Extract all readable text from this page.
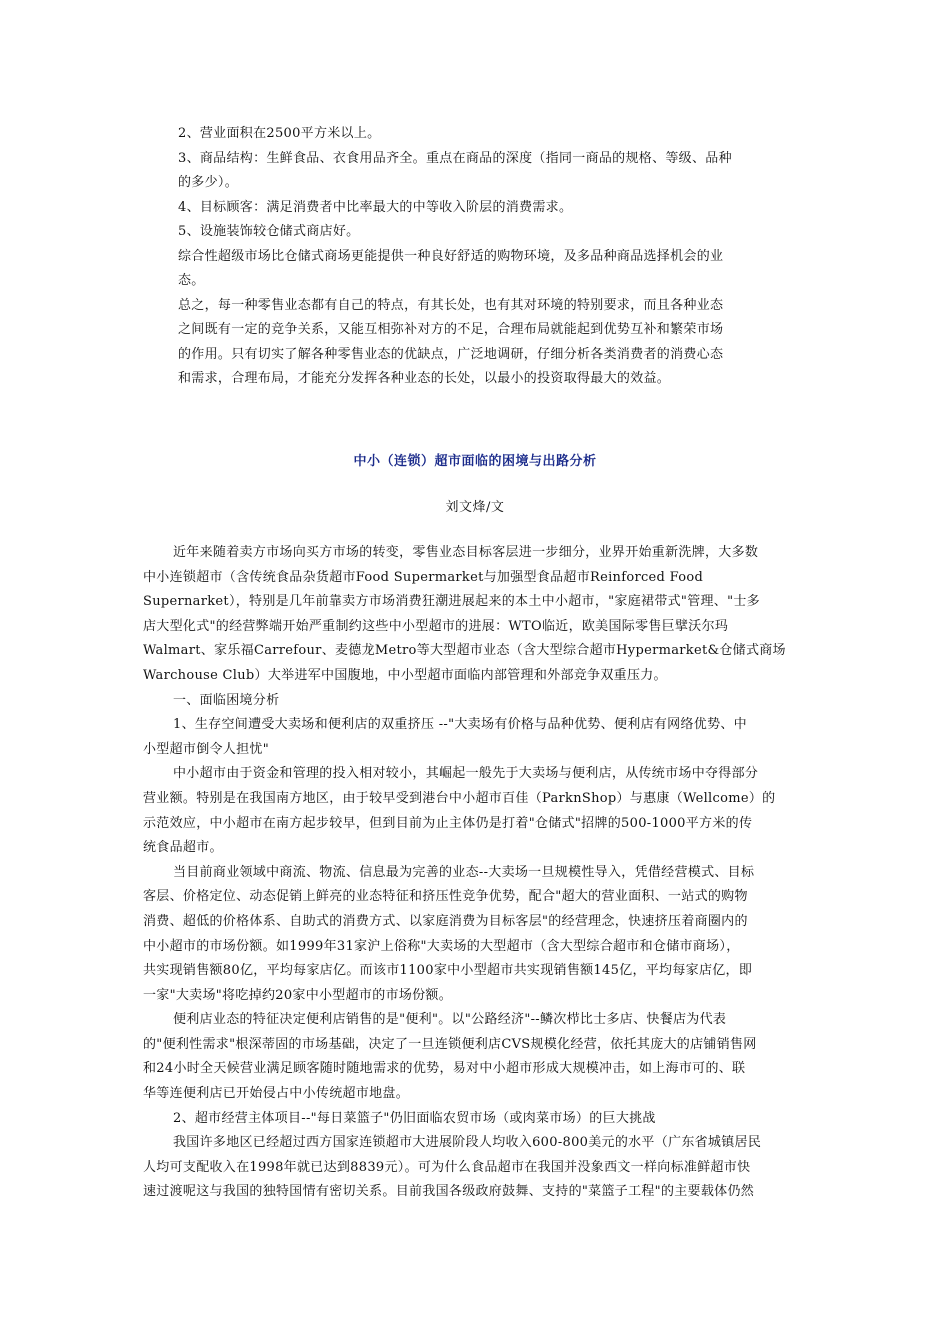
2、营业面积在2500平方米以上。

3、商品结构：生鲜食品、衣食用品齐全。重点在商品的深度（指同一商品的规格、等级、品种

的多少）。

4、目标顾客：满足消费者中比率最大的中等收入阶层的消费需求。

5、设施装饰较仓储式商店好。

综合性超级市场比仓储式商场更能提供一种良好舒适的购物环境，及多品种商品选择机会的业

态。

总之，每一种零售业态都有自己的特点，有其长处，也有其对环境的特别要求，而且各种业态

之间既有一定的竞争关系，又能互相弥补对方的不足，合理布局就能起到优势互补和繁荣市场

的作用。只有切实了解各种零售业态的优缺点，广泛地调研，仔细分析各类消费者的消费心态

和需求，合理布局，才能充分发挥各种业态的长处，以最小的投资取得最大的效益。

中小（连锁）超市面临的困境与出路分析
刘文烽/文

近年来随着卖方市场向买方市场的转变，零售业态目标客层进一步细分，业界开始重新洗牌，大多数

中小连锁超市（含传统食品杂货超市Food Supermarket与加强型食品超市Reinforced Food

Supernarket），特别是几年前靠卖方市场消费狂潮进展起来的本土中小超市，"家庭裙带式"管理、"士多

店大型化式"的经营弊端开始严重制约这些中小型超市的进展：WTO临近，欧美国际零售巨擘沃尔玛

Walmart、家乐福Carrefour、麦德龙Metro等大型超市业态（含大型综合超市Hypermarket&仓储式商场

Warchouse Club）大举进军中国腹地，中小型超市面临内部管理和外部竞争双重压力。

一、面临困境分析

1、生存空间遭受大卖场和便利店的双重挤压 --"大卖场有价格与品种优势、便利店有网络优势、中

小型超市倒令人担忧"

中小超市由于资金和管理的投入相对较小，其崛起一般先于大卖场与便利店，从传统市场中夺得部分

营业额。特别是在我国南方地区，由于较早受到港台中小超市百佳（ParknShop）与惠康（Wellcome）的

示范效应，中小超市在南方起步较早，但到目前为止主体仍是打着"仓储式"招牌的500-1000平方米的传

统食品超市。

当目前商业领域中商流、物流、信息最为完善的业态--大卖场一旦规模性导入，凭借经营模式、目标

客层、价格定位、动态促销上鲜亮的业态特征和挤压性竞争优势，配合"超大的营业面积、一站式的购物

消费、超低的价格体系、自助式的消费方式、以家庭消费为目标客层"的经营理念，快速挤压着商圈内的

中小超市的市场份额。如1999年31家沪上俗称"大卖场的大型超市（含大型综合超市和仓储市商场），

共实现销售额80亿，平均每家店亿。而该市1100家中小型超市共实现销售额145亿，平均每家店亿，即

一家"大卖场"将吃掉约20家中小型超市的市场份额。

便利店业态的特征决定便利店销售的是"便利"。以"公路经济"--鳞次栉比士多店、快餐店为代表

的"便利性需求"根深蒂固的市场基础，决定了一旦连锁便利店CVS规模化经营，依托其庞大的店铺销售网

和24小时全天候营业满足顾客随时随地需求的优势，易对中小超市形成大规模冲击，如上海市可的、联

华等连便利店已开始侵占中小传统超市地盘。

2、超市经营主体项目--"每日菜篮子"仍旧面临农贸市场（或肉菜市场）的巨大挑战

我国许多地区已经超过西方国家连锁超市大进展阶段人均收入600-800美元的水平（广东省城镇居民

人均可支配收入在1998年就已达到8839元）。可为什么食品超市在我国并没象西文一样向标准鲜超市快

速过渡呢这与我国的独特国情有密切关系。目前我国各级政府鼓舞、支持的"菜篮子工程"的主要载体仍然
